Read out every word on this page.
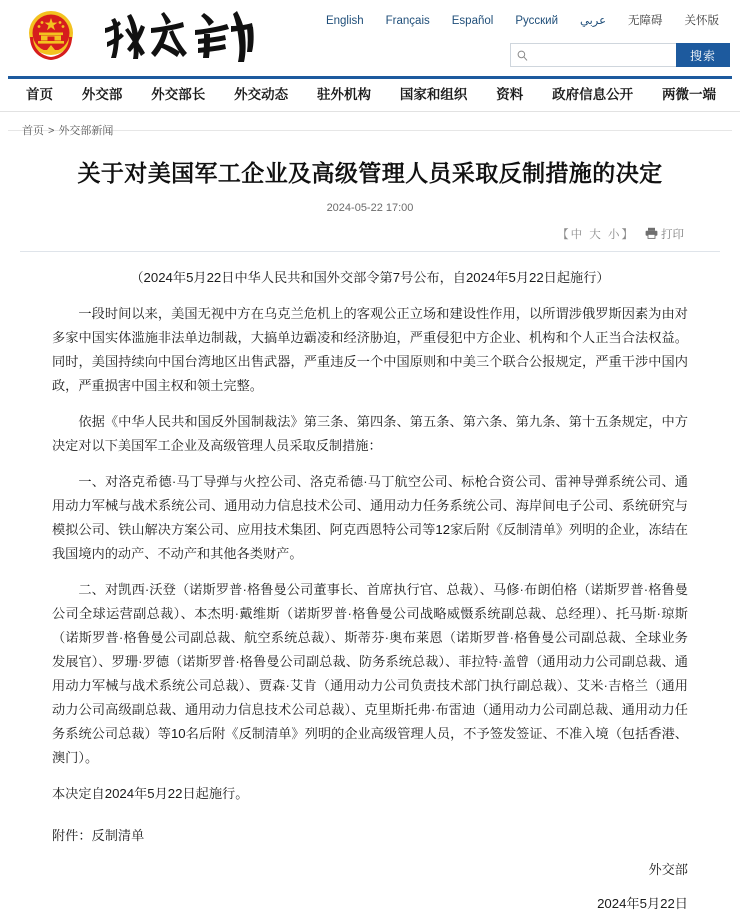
English	Français	Español	Русский	عربي	无障碍	关怀版
搜索
首页 外交部 外交部长 外交动态 驻外机构 国家和组织 资料 政府信息公开 两微一端
首页 > 外交部新闻
关于对美国军工企业及高级管理人员采取反制措施的决定
2024-05-22 17:00
【中 大 小】 打印

（2024年5月22日中华人民共和国外交部令第7号公布，自2024年5月22日起施行）

一段时间以来，美国无视中方在乌克兰危机上的客观公正立场和建设性作用，以所谓涉俄罗斯因素为由对多家中国实体滥施非法单边制裁，大搞单边霸凌和经济胁迫，严重侵犯中方企业、机构和个人正当合法权益。同时，美国持续向中国台湾地区出售武器，严重违反一个中国原则和中美三个联合公报规定，严重干涉中国内政，严重损害中国主权和领土完整。

依据《中华人民共和国反外国制裁法》第三条、第四条、第五条、第六条、第九条、第十五条规定，中方决定对以下美国军工企业及高级管理人员采取反制措施：

一、对洛克希德·马丁导弹与火控公司、洛克希德·马丁航空公司、标枪合资公司、雷神导弹系统公司、通用动力军械与战术系统公司、通用动力信息技术公司、通用动力任务系统公司、海岸间电子公司、系统研究与模拟公司、铁山解决方案公司、应用技术集团、阿克西恩特公司等12家后附《反制清单》列明的企业，冻结在我国境内的动产、不动产和其他各类财产。

二、对凯西·沃登（诺斯罗普·格鲁曼公司董事长、首席执行官、总裁）、马修·布朗伯格（诺斯罗普·格鲁曼公司全球运营副总裁）、本杰明·戴维斯（诺斯罗普·格鲁曼公司战略威慑系统副总裁、总经理）、托马斯·琼斯（诺斯罗普·格鲁曼公司副总裁、航空系统总裁）、斯蒂芬·奥布莱恩（诺斯罗普·格鲁曼公司副总裁、全球业务发展官）、罗珊·罗德（诺斯罗普·格鲁曼公司副总裁、防务系统总裁）、菲拉特·盖曾（通用动力公司副总裁、通用动力军械与战术系统公司总裁）、贾森·艾肯（通用动力公司负责技术部门执行副总裁）、艾米·吉格兰（通用动力公司高级副总裁、通用动力信息技术公司总裁）、克里斯托弗·布雷迪（通用动力公司副总裁、通用动力任务系统公司总裁）等10名后附《反制清单》列明的企业高级管理人员，不予签发签证、不准入境（包括香港、澳门）。

本决定自2024年5月22日起施行。

附件：反制清单

外交部

2024年5月22日
